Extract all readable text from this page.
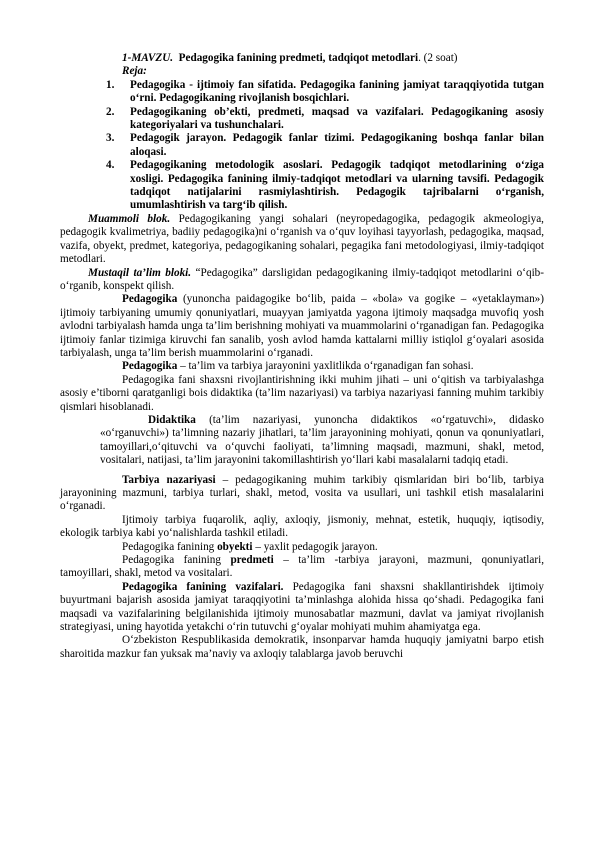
1-MAVZU. Pedagogika fanining predmeti, tadqiqot metodlari. (2 soat)

Reja:

1. Pedagogika - ijtimoiy fan sifatida. Pedagogika fanining jamiyat taraqqiyotida tutgan o‘rni. Pedagogikaning rivojlanish bosqichlari.
2. Pedagogikaning ob’ekti, predmeti, maqsad va vazifalari. Pedagogikaning asosiy kategoriyalari va tushunchalari.
3. Pedagogik jarayon. Pedagogik fanlar tizimi. Pedagogikaning boshqa fanlar bilan aloqasi.
4. Pedagogikaning metodologik asoslari. Pedagogik tadqiqot metodlarining o‘ziga xosligi. Pedagogika fanining ilmiy-tadqiqot metodlari va ularning tavsifi. Pedagogik tadqiqot natijalarini rasmiylashtirish. Pedagogik tajribalarni o‘rganish, umumlashtirish va targ‘ib qilish.

Muammoli blok. Pedagogikaning yangi sohalari (neyropedagogika, pedagogik akmeologiya, pedagogik kvalimetriya, badiiy pedagogika)ni o‘rganish va o‘quv loyihasi tayyorlash, pedagogika, maqsad, vazifa, obyekt, predmet, kategoriya, pedagogikaning sohalari, pegagika fani metodologiyasi, ilmiy-tadqiqot metodlari.

Mustaqil ta’lim bloki. “Pedagogika” darsligidan pedagogikaning ilmiy-tadqiqot metodlarini o‘qib-o‘rganib, konspekt qilish.

Pedagogika (yunoncha paidagogike bo‘lib, paida – «bola» va gogike – «yetaklayman») ijtimoiy tarbiyaning umumiy qonuniyatlari, muayyan jamiyatda yagona ijtimoiy maqsadga muvofiq yosh avlodni tarbiyalash hamda unga ta’lim berishning mohiyati va muammolarini o‘rganadigan fan. Pedagogika ijtimoiy fanlar tizimiga kiruvchi fan sanalib, yosh avlod hamda kattalarni milliy istiqlol g‘oyalari asosida tarbiyalash, unga ta’lim berish muammolarini o‘rganadi.

Pedagogika – ta’lim va tarbiya jarayonini yaxlitlikda o‘rganadigan fan sohasi.

Pedagogika fani shaxsni rivojlantirishning ikki muhim jihati – uni o‘qitish va tarbiyalashga asosiy e’tiborni qaratganligi bois didaktika (ta’lim nazariyasi) va tarbiya nazariyasi fanning muhim tarkibiy qismlari hisoblanadi.

Didaktika (ta’lim nazariyasi, yunoncha didaktikos «o‘rgatuvchi», didasko «o‘rganuvchi») ta’limning nazariy jihatlari, ta’lim jarayonining mohiyati, qonun va qonuniyatlari, tamoyillari,o‘qituvchi va o‘quvchi faoliyati, ta’limning maqsadi, mazmuni, shakl, metod, vositalari, natijasi, ta’lim jarayonini takomillashtirish yo‘llari kabi masalalarni tadqiq etadi.

Tarbiya nazariyasi – pedagogikaning muhim tarkibiy qismlaridan biri bo‘lib, tarbiya jarayonining mazmuni, tarbiya turlari, shakl, metod, vosita va usullari, uni tashkil etish masalalarini o‘rganadi.

Ijtimoiy tarbiya fuqarolik, aqliy, axloqiy, jismoniy, mehnat, estetik, huquqiy, iqtisodiy, ekologik tarbiya kabi yo‘nalishlarda tashkil etiladi.

Pedagogika fanining obyekti – yaxlit pedagogik jarayon.

Pedagogika fanining predmeti – ta’lim -tarbiya jarayoni, mazmuni, qonuniyatlari, tamoyillari, shakl, metod va vositalari.

Pedagogika fanining vazifalari. Pedagogika fani shaxsni shakllantirishdek ijtimoiy buyurtmani bajarish asosida jamiyat taraqqiyotini ta’minlashga alohida hissa qo‘shadi. Pedagogika fani maqsadi va vazifalarining belgilanishida ijtimoiy munosabatlar mazmuni, davlat va jamiyat rivojlanish strategiyasi, uning hayotida yetakchi o‘rin tutuvchi g‘oyalar mohiyati muhim ahamiyatga ega.

O‘zbekiston Respublikasida demokratik, insonparvar hamda huquqiy jamiyatni barpo etish sharoitida mazkur fan yuksak ma’naviy va axloqiy talablarga javob beruvchi
